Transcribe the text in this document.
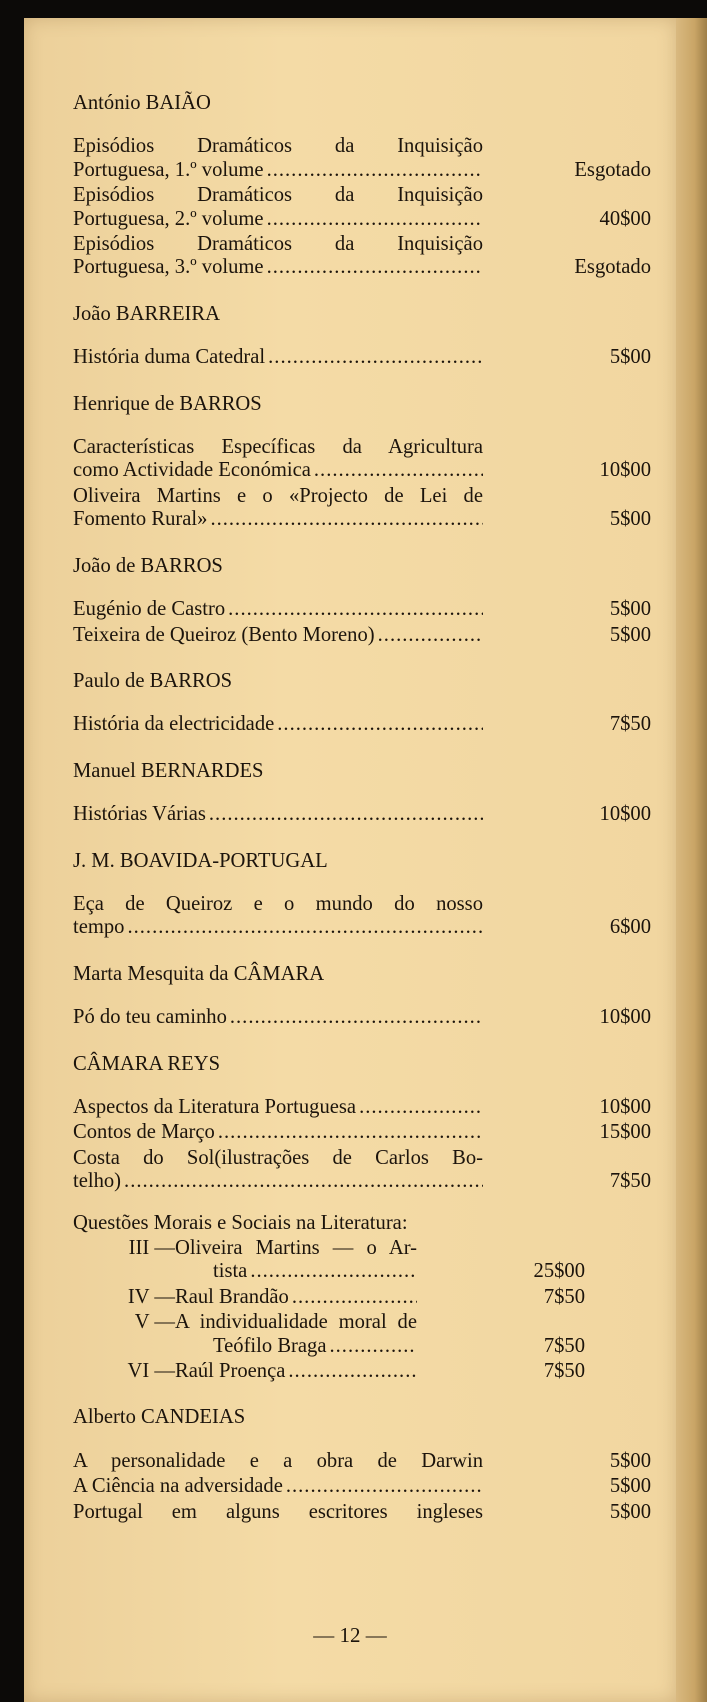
António BAIÃO
Episódios Dramáticos da Inquisição
Portuguesa, 1.º volume .....	Esgotado
Episódios Dramáticos da Inquisição
Portuguesa, 2.º volume .....	40$00
Episódios Dramáticos da Inquisição
Portuguesa, 3.º volume .....	Esgotado
João BARREIRA
História duma Catedral .....	5$00
Henrique de BARROS
Características Específicas da Agricultura
como Actividade Económica .....	10$00
Oliveira Martins e o «Projecto de Lei de
Fomento Rural» .....	5$00
João de BARROS
Eugénio de Castro .....	5$00
Teixeira de Queiroz (Bento Moreno) .....	5$00
Paulo de BARROS
História da electricidade .....	7$50
Manuel BERNARDES
Histórias Várias .....	10$00
J. M. BOAVIDA-PORTUGAL
Eça de Queiroz e o mundo do nosso
tempo .....	6$00
Marta Mesquita da CÂMARA
Pó do teu caminho .....	10$00
CÂMARA REYS
Aspectos da Literatura Portuguesa .....	10$00
Contos de Março .....	15$00
Costa do Sol(ilustrações de Carlos Bo-
telho) .....	7$50
Questões Morais e Sociais na Literatura:
III — Oliveira Martins — o Ar-
tista .....	25$00
IV — Raul Brandão .....	7$50
V — A individualidade moral de
Teófilo Braga .....	7$50
VI — Raúl Proença .....	7$50
Alberto CANDEIAS
A personalidade e a obra de Darwin	5$00
A Ciência na adversidade .....	5$00
Portugal em alguns escritores ingleses	5$00
— 12 —
